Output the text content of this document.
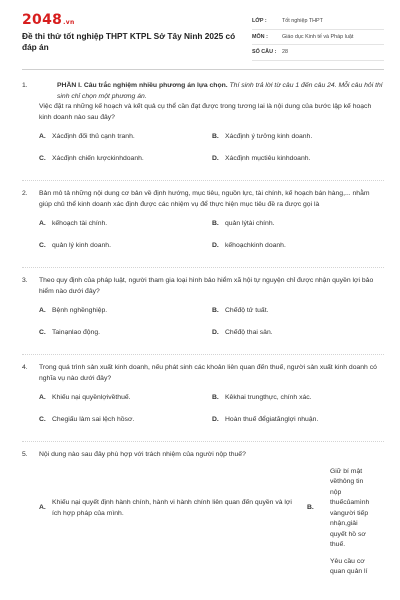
2048.vn
Đề thi thử tốt nghiệp THPT KTPL Sở Tây Ninh 2025 có đáp án
LỚP :	Tốt nghiệp THPT
MÔN :	Giáo dục Kinh tế và Pháp luật
SỐ CÂU :	28
1.	PHẦN I. Câu trắc nghiệm nhiều phương án lựa chọn. Thí sinh trả lời từ câu 1 đến câu 24. Mỗi câu hỏi thí sinh chỉ chọn một phương án.

Việc đặt ra những kế hoạch và kết quả cụ thể cần đạt được trong tương lai là nội dung của bước lập kế hoạch kinh doanh nào sau đây?

A. Xácđịnh đối thủ cạnh tranh.	B. Xácđịnh ý tưởng kinh doanh.
C. Xácđịnh chiến lượckinhdoanh.	D. Xácđịnh mụctiêu kinhdoanh.
2. Bản mô tả những nội dung cơ bản về định hướng, mục tiêu, nguồn lực, tài chính, kế hoạch bán hàng,... nhằm giúp chủ thể kinh doanh xác định được các nhiệm vụ để thực hiện mục tiêu đề ra được gọi là

A. kếhoạch tài chính.	B. quản lýtài chính.
C. quản lý kinh doanh.	D. kếhoạchkinh doanh.
3. Theo quy định của pháp luật, người tham gia loại hình bảo hiểm xã hội tự nguyện chỉ được nhận quyền lợi bảo hiểm nào dưới đây?

A. Bệnh nghềnghiệp.	B. Chếđộ tử tuất.
C. Tainạnlao động.	D. Chếđộ thai sản.
4. Trong quá trình sản xuất kinh doanh, nếu phát sinh các khoản liên quan đến thuế, người sản xuất kinh doanh có nghĩa vụ nào dưới đây?

A. Khiếu nại quyềnlợivềthuế.	B. Kêkhai trungthực, chính xác.
C. Chegiấu làm sai lệch hồsơ.	D. Hoàn thuế đểgiatănglợi nhuận.
5. Nội dung nào sau đây phù hợp với trách nhiệm của người nộp thuế?

A.
Khiếu nại quyết định hành chính, hành vi hành chính liên quan đến quyền và lợi ích hợp pháp của mình.
B.
Giữ bí mật vềthông tin nộp thuếcủamình vàngười tiếp nhận,giải quyết hồ sơ thuế.
Yêu cầu cơ quan quản lí
